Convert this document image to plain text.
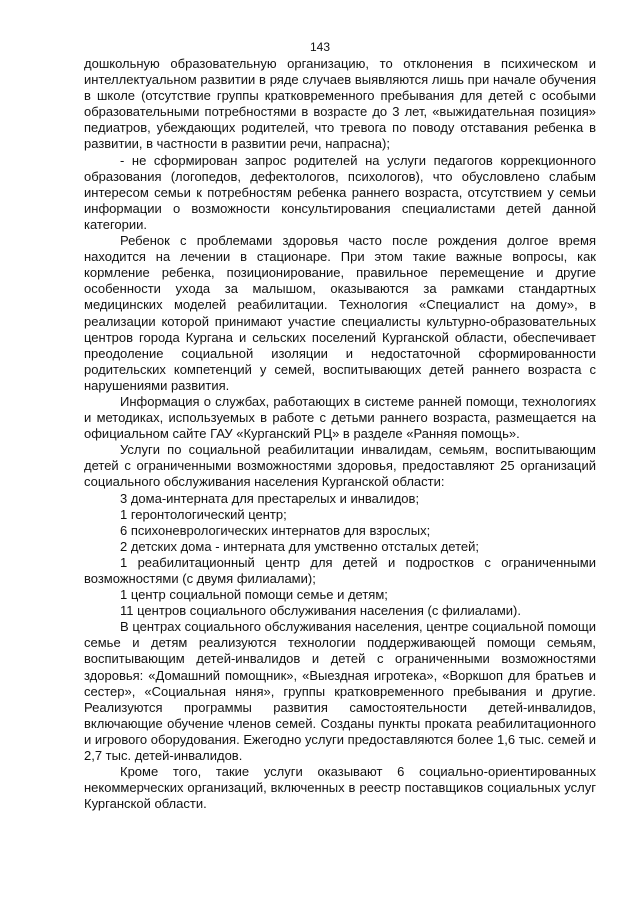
143

дошкольную образовательную организацию, то отклонения в психическом и интеллектуальном развитии в ряде случаев выявляются лишь при начале обучения в школе (отсутствие группы кратковременного пребывания для детей с особыми образовательными потребностями в возрасте до 3 лет, «выжидательная позиция» педиатров, убеждающих родителей, что тревога по поводу отставания ребенка в развитии, в частности в развитии речи, напрасна);

- не сформирован запрос родителей на услуги педагогов коррекционного образования (логопедов, дефектологов, психологов), что обусловлено слабым интересом семьи к потребностям ребенка раннего возраста, отсутствием у семьи информации о возможности консультирования специалистами детей данной категории.

Ребенок с проблемами здоровья часто после рождения долгое время находится на лечении в стационаре. При этом такие важные вопросы, как кормление ребенка, позиционирование, правильное перемещение и другие особенности ухода за малышом, оказываются за рамками стандартных медицинских моделей реабилитации. Технология «Специалист на дому», в реализации которой принимают участие специалисты культурно-образовательных центров города Кургана и сельских поселений Курганской области, обеспечивает преодоление социальной изоляции и недостаточной сформированности родительских компетенций у семей, воспитывающих детей раннего возраста с нарушениями развития.

Информация о службах, работающих в системе ранней помощи, технологиях и методиках, используемых в работе с детьми раннего возраста, размещается на официальном сайте ГАУ «Курганский РЦ» в разделе «Ранняя помощь».

Услуги по социальной реабилитации инвалидам, семьям, воспитывающим детей с ограниченными возможностями здоровья, предоставляют 25 организаций социального обслуживания населения Курганской области:

3 дома-интерната для престарелых и инвалидов;

1 геронтологический центр;

6 психоневрологических интернатов для взрослых;

2 детских дома - интерната для умственно отсталых детей;

1 реабилитационный центр для детей и подростков с ограниченными возможностями (с двумя филиалами);

1 центр социальной помощи семье и детям;

11 центров социального обслуживания населения (с филиалами).

В центрах социального обслуживания населения, центре социальной помощи семье и детям реализуются технологии поддерживающей помощи семьям, воспитывающим детей-инвалидов и детей с ограниченными возможностями здоровья: «Домашний помощник», «Выездная игротека», «Воркшоп для братьев и сестер», «Социальная няня», группы кратковременного пребывания и другие. Реализуются программы развития самостоятельности детей-инвалидов, включающие обучение членов семей. Созданы пункты проката реабилитационного и игрового оборудования. Ежегодно услуги предоставляются более 1,6 тыс. семей и 2,7 тыс. детей-инвалидов.

Кроме того, такие услуги оказывают 6 социально-ориентированных некоммерческих организаций, включенных в реестр поставщиков социальных услуг Курганской области.
